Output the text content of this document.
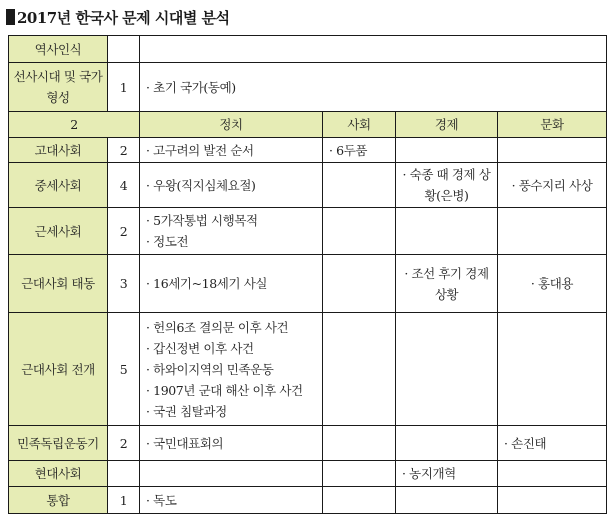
2017년 한국사 문제 시대별 분석
역사인식					
선사시대 및 국가 형성	1	· 초기 국가(동예)			
2		정치	사회	경제	문화
고대사회	2	· 고구려의 발전 순서	· 6두품		

중세사회	4	· 우왕(직지심체요절)		· 숙종 때 경제 상황(은병)	· 풍수지리 사상

근세사회	2	· 5가작통법 시행목적
· 정도전			

근대사회 태동	3	· 16세기~18세기 사실		· 조선 후기 경제 상황	· 홍대용

근대사회 전개	5	· 헌의6조 결의문 이후 사건
· 갑신정변 이후 사건
· 하와이지역의 민족운동
· 1907년 군대 해산 이후 사건
· 국권 침탈과정			

민족독립운동기	2	· 국민대표회의			· 손진태

현대사회				· 농지개혁	

통합	1	· 독도			
